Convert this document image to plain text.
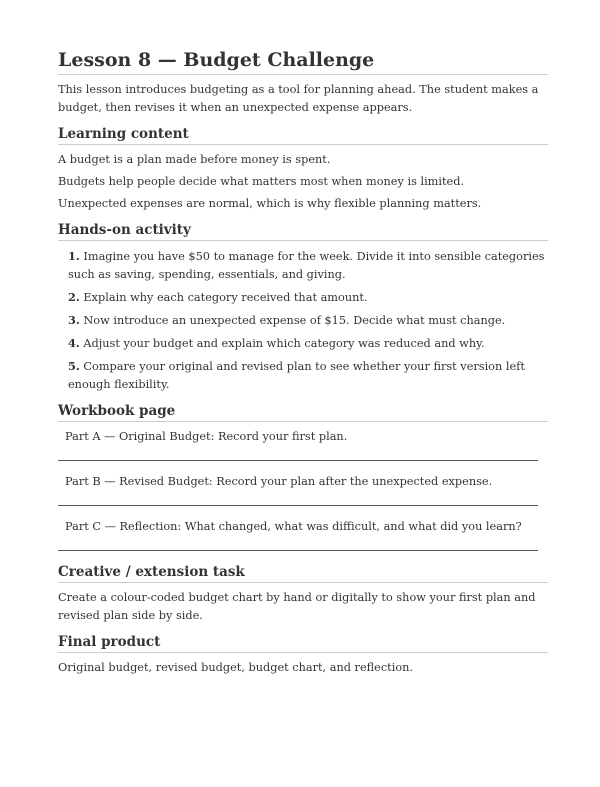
Lesson 8 — Budget Challenge

This lesson introduces budgeting as a tool for planning ahead. The student makes a budget, then revises it when an unexpected expense appears.

Learning content

A budget is a plan made before money is spent.

Budgets help people decide what matters most when money is limited.

Unexpected expenses are normal, which is why flexible planning matters.

Hands-on activity
1. Imagine you have $50 to manage for the week. Divide it into sensible categories such as saving, spending, essentials, and giving.
2. Explain why each category received that amount.
3. Now introduce an unexpected expense of $15. Decide what must change.
4. Adjust your budget and explain which category was reduced and why.
5. Compare your original and revised plan to see whether your first version left enough flexibility.
Workbook page

Part A — Original Budget: Record your first plan.

Part B — Revised Budget: Record your plan after the unexpected expense.

Part C — Reflection: What changed, what was difficult, and what did you learn?

Creative / extension task

Create a colour-coded budget chart by hand or digitally to show your first plan and revised plan side by side.

Final product

Original budget, revised budget, budget chart, and reflection.
